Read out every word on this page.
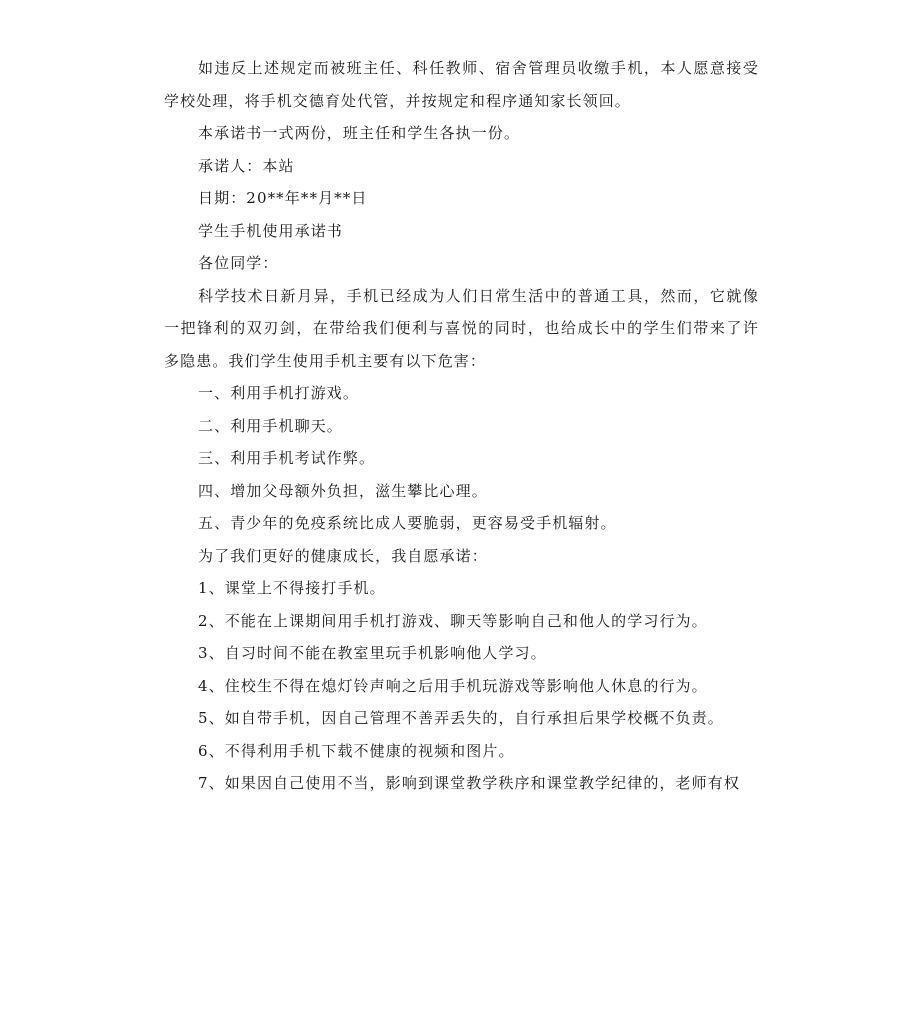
如违反上述规定而被班主任、科任教师、宿舍管理员收缴手机，本人愿意接受学校处理，将手机交德育处代管，并按规定和程序通知家长领回。

本承诺书一式两份，班主任和学生各执一份。

承诺人：本站

日期：20**年**月**日

学生手机使用承诺书

各位同学：

科学技术日新月异，手机已经成为人们日常生活中的普通工具，然而，它就像一把锋利的双刃剑，在带给我们便利与喜悦的同时，也给成长中的学生们带来了许多隐患。我们学生使用手机主要有以下危害：

一、利用手机打游戏。

二、利用手机聊天。

三、利用手机考试作弊。

四、增加父母额外负担，滋生攀比心理。

五、青少年的免疫系统比成人要脆弱，更容易受手机辐射。

为了我们更好的健康成长，我自愿承诺：

1、课堂上不得接打手机。

2、不能在上课期间用手机打游戏、聊天等影响自己和他人的学习行为。

3、自习时间不能在教室里玩手机影响他人学习。

4、住校生不得在熄灯铃声响之后用手机玩游戏等影响他人休息的行为。

5、如自带手机，因自己管理不善弄丢失的，自行承担后果学校概不负责。

6、不得利用手机下载不健康的视频和图片。

7、如果因自己使用不当，影响到课堂教学秩序和课堂教学纪律的，老师有权
